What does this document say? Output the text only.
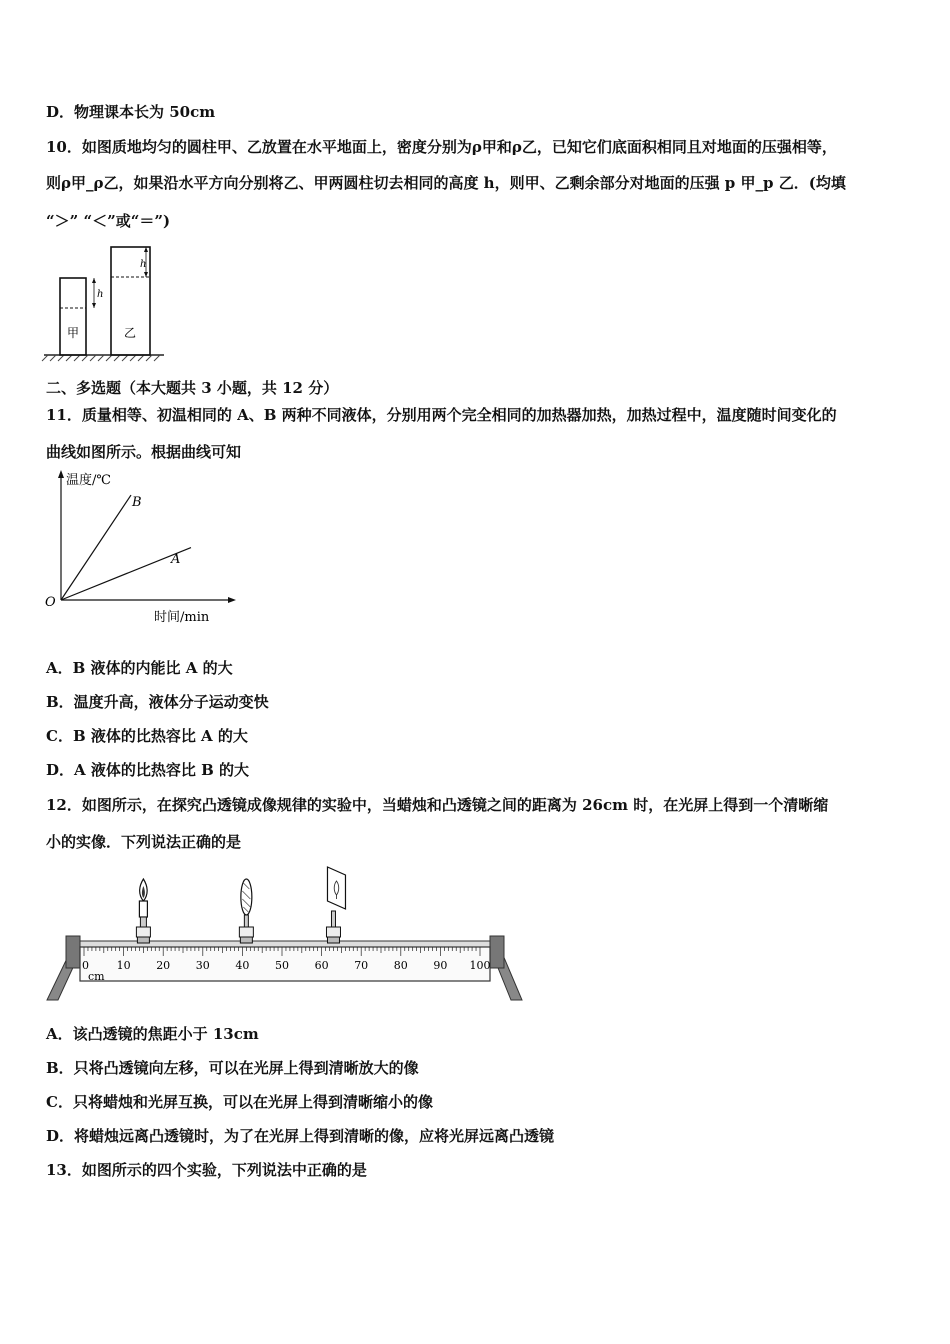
D．物理课本长为 50cm
10．如图质地均匀的圆柱甲、乙放置在水平地面上，密度分别为ρ甲和ρ乙，已知它们底面积相同且对地面的压强相等，
则ρ甲_ρ乙，如果沿水平方向分别将乙、甲两圆柱切去相同的高度 h，则甲、乙剩余部分对地面的压强 p 甲_p 乙．(均填
“＞” “＜”或“＝”)
h
甲
h
乙
二、多选题（本大题共 3 小题，共 12 分）
11．质量相等、初温相同的 A、B 两种不同液体，分别用两个完全相同的加热器加热，加热过程中，温度随时间变化的
曲线如图所示。根据曲线可知
温度/℃
时间/min
O
B
A
A．B 液体的内能比 A 的大
B．温度升高，液体分子运动变快
C．B 液体的比热容比 A 的大
D．A 液体的比热容比 B 的大
12．如图所示，在探究凸透镜成像规律的实验中，当蜡烛和凸透镜之间的距离为 26cm 时，在光屏上得到一个清晰缩
小的实像．下列说法正确的是
0	10 20 30 40 50 60 70 80 90 100
cm
A．该凸透镜的焦距小于 13cm
B．只将凸透镜向左移，可以在光屏上得到清晰放大的像
C．只将蜡烛和光屏互换，可以在光屏上得到清晰缩小的像
D．将蜡烛远离凸透镜时，为了在光屏上得到清晰的像，应将光屏远离凸透镜
13．如图所示的四个实验，下列说法中正确的是
